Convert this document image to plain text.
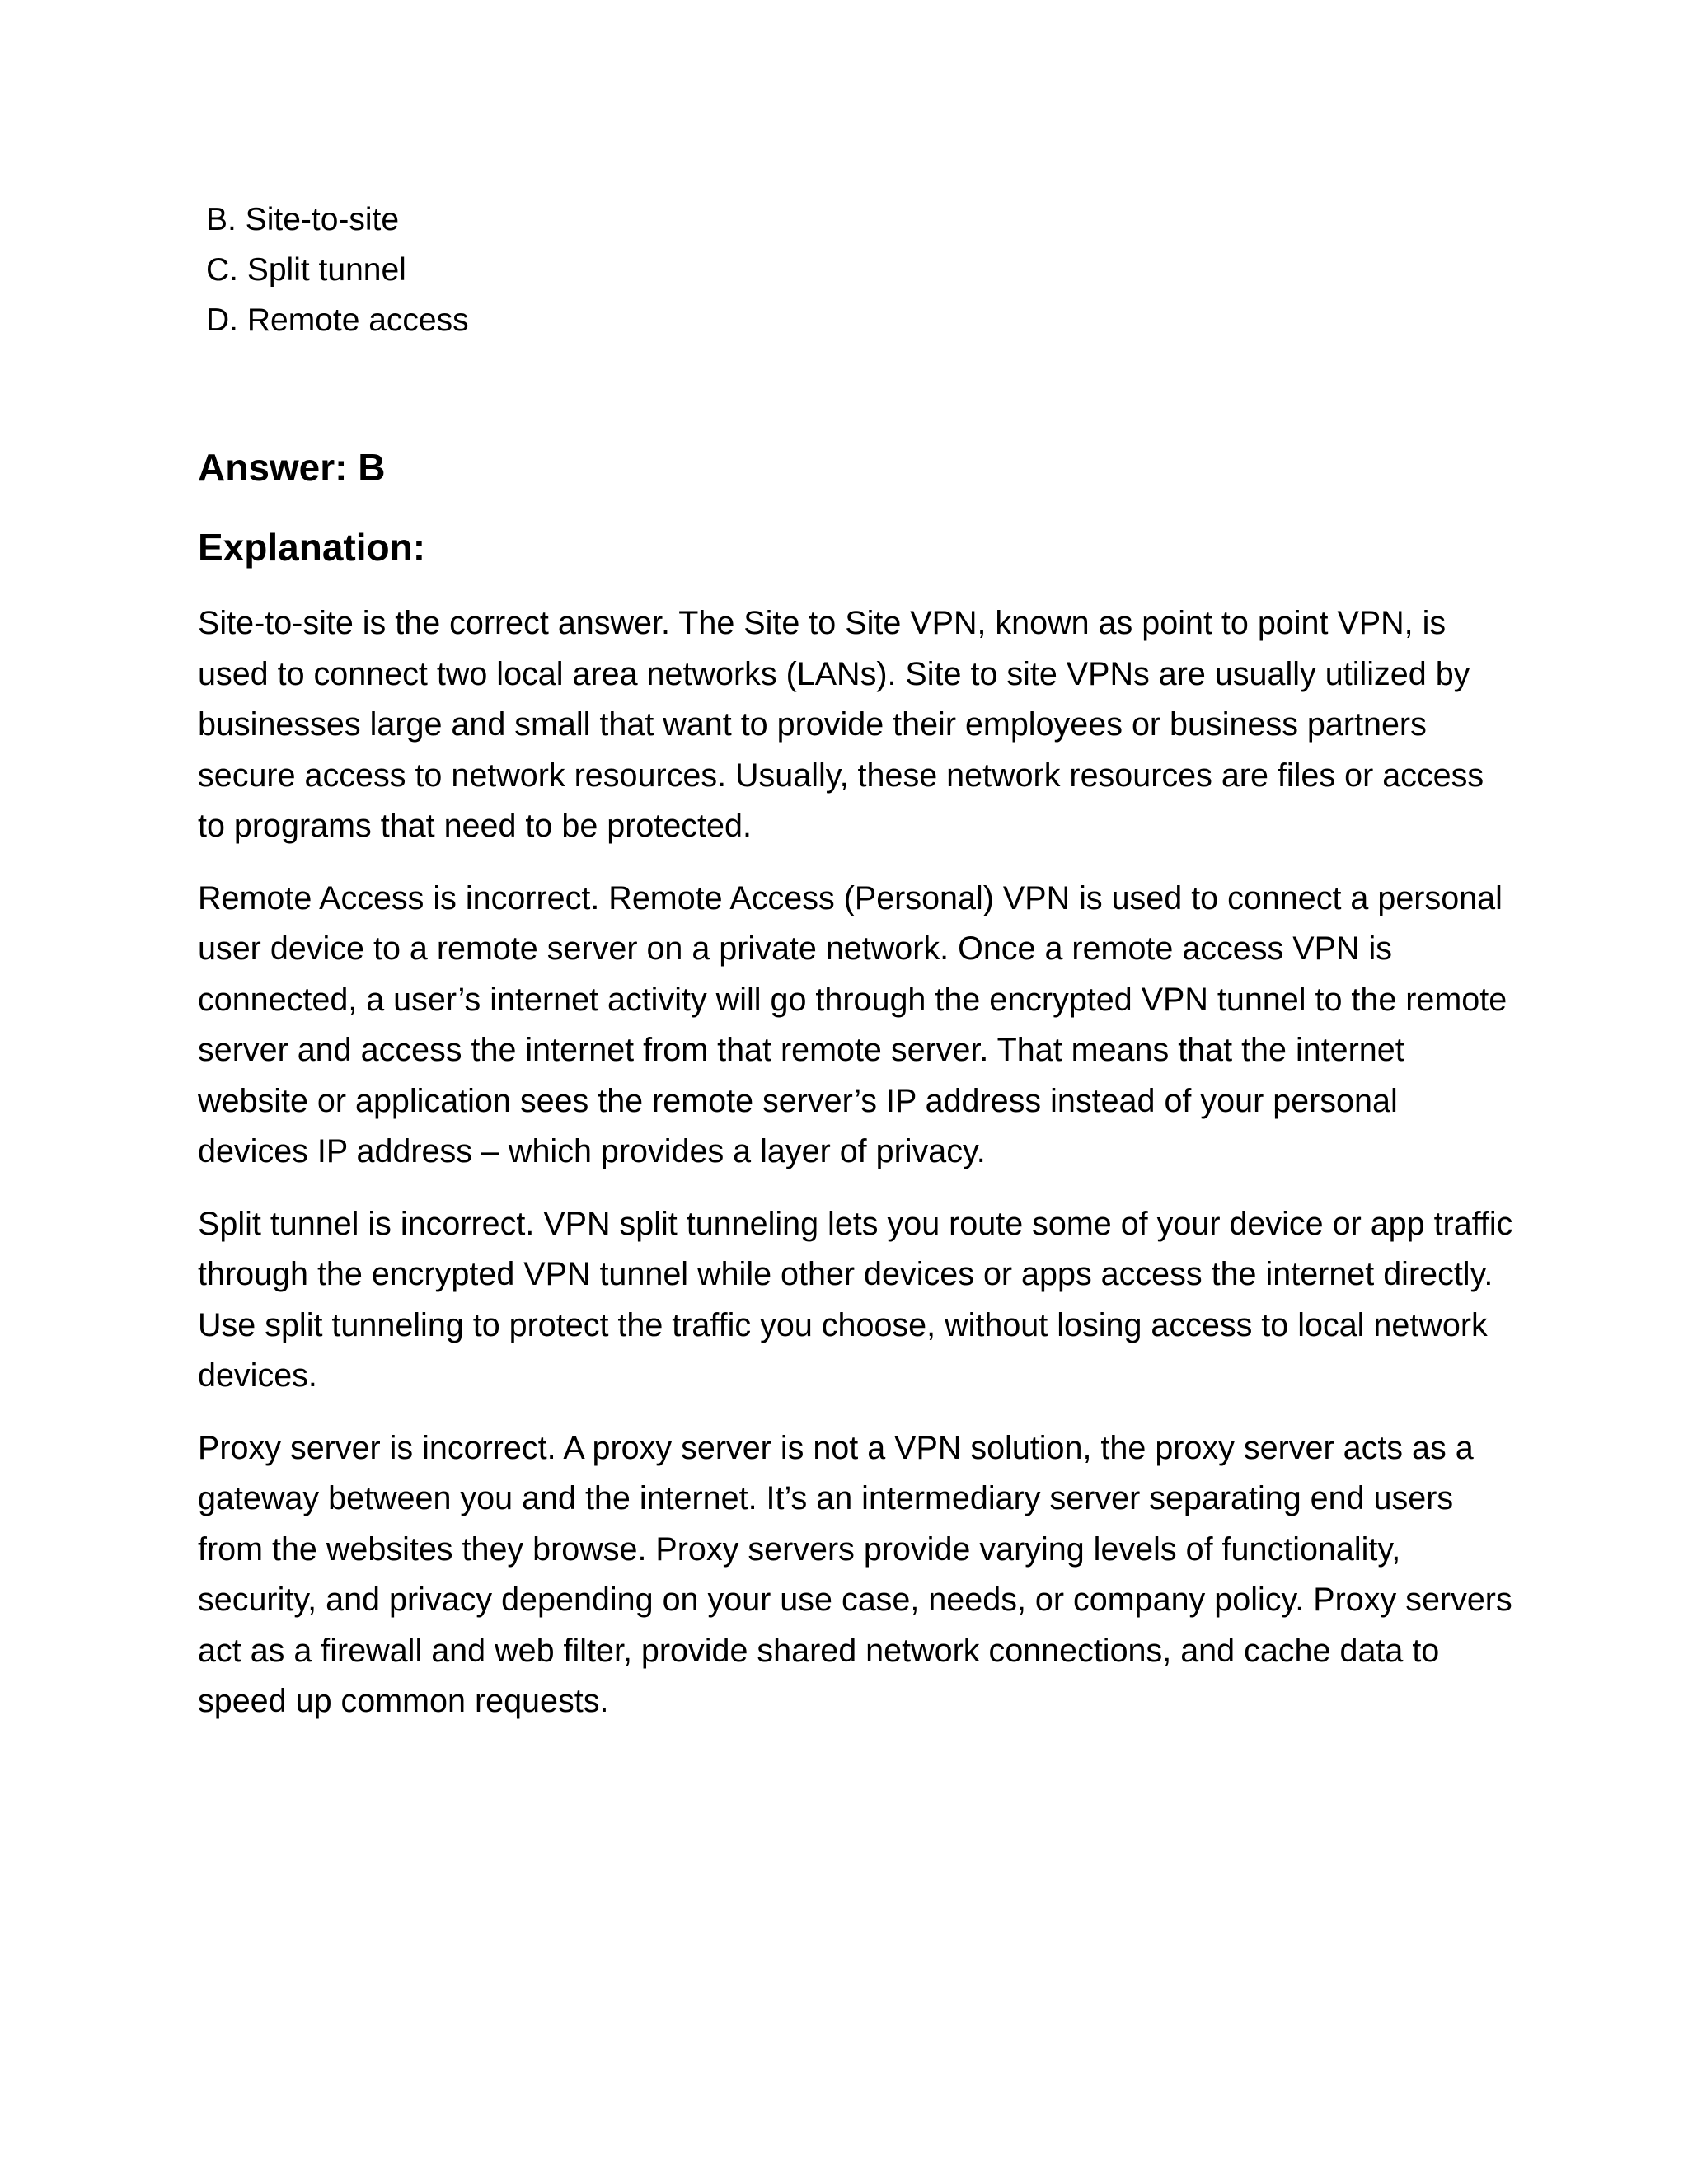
B. Site-to-site
C. Split tunnel
D. Remote access
Answer: B
Explanation:

Site-to-site is the correct answer. The Site to Site VPN, known as point to point VPN, is used to connect two local area networks (LANs). Site to site VPNs are usually utilized by businesses large and small that want to provide their employees or business partners secure access to network resources. Usually, these network resources are files or access to programs that need to be protected.

Remote Access is incorrect. Remote Access (Personal) VPN is used to connect a personal user device to a remote server on a private network. Once a remote access VPN is connected, a user’s internet activity will go through the encrypted VPN tunnel to the remote server and access the internet from that remote server. That means that the internet website or application sees the remote server’s IP address instead of your personal devices IP address – which provides a layer of privacy.

Split tunnel is incorrect. VPN split tunneling lets you route some of your device or app traffic through the encrypted VPN tunnel while other devices or apps access the internet directly. Use split tunneling to protect the traffic you choose, without losing access to local network devices.

Proxy server is incorrect. A proxy server is not a VPN solution, the proxy server acts as a gateway between you and the internet. It’s an intermediary server separating end users from the websites they browse. Proxy servers provide varying levels of functionality, security, and privacy depending on your use case, needs, or company policy. Proxy servers act as a firewall and web filter, provide shared network connections, and cache data to speed up common requests.
